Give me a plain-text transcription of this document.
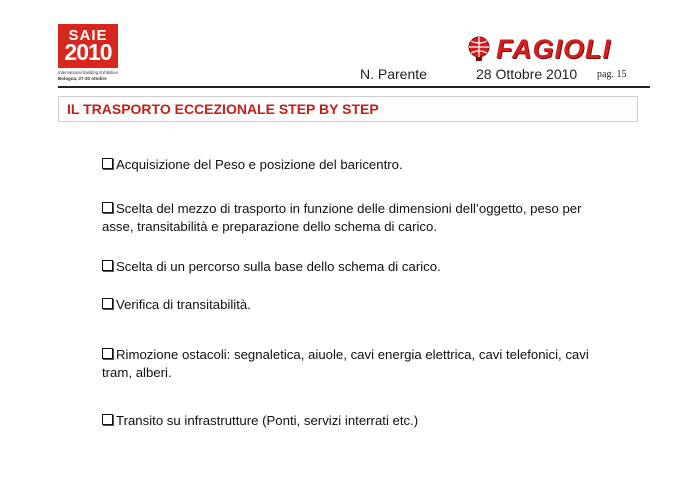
SAIE
2010
International Building Exhibition
Bologna, 27-30 ottobre
FAGIOLI
N. Parente	28 Ottobre 2010 pag. 15
IL TRASPORTO ECCEZIONALE STEP BY STEP
Acquisizione del Peso e posizione del baricentro.
Scelta del mezzo di trasporto in funzione delle dimensioni dell’oggetto, peso per asse, transitabilità e preparazione dello schema di carico.
Scelta di un percorso sulla base dello schema di carico.
Verifica di transitabilità.
Rimozione ostacoli: segnaletica, aiuole, cavi energia elettrica, cavi telefonici, cavi tram, alberi.
Transito su infrastrutture (Ponti, servizi interrati etc.)
